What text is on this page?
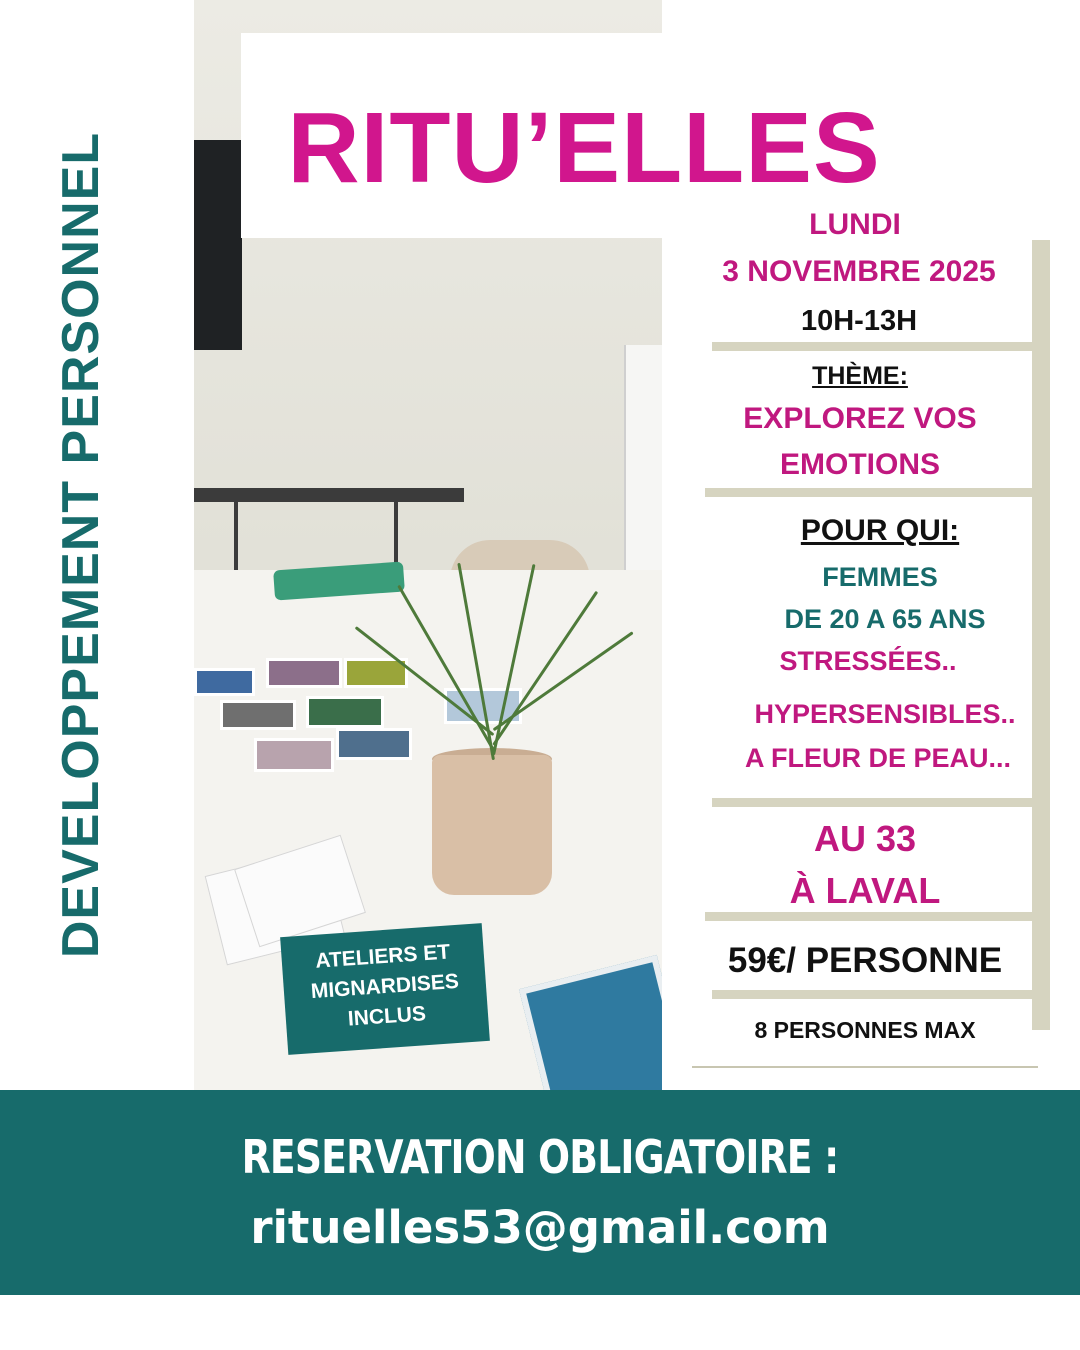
DEVELOPPEMENT PERSONNEL	RITU’ELLES
LUNDI
3 NOVEMBRE 2025
10H-13H
THÈME:
EXPLOREZ VOS
EMOTIONS
POUR QUI:
FEMMES
DE 20 A 65 ANS
STRESSÉES..
HYPERSENSIBLES..
A FLEUR DE PEAU...
AU 33
À LAVAL
59€/ PERSONNE
8 PERSONNES MAX
ATELIERS ET
MIGNARDISES
INCLUS
RESERVATION OBLIGATOIRE :
rituelles53@gmail.com
